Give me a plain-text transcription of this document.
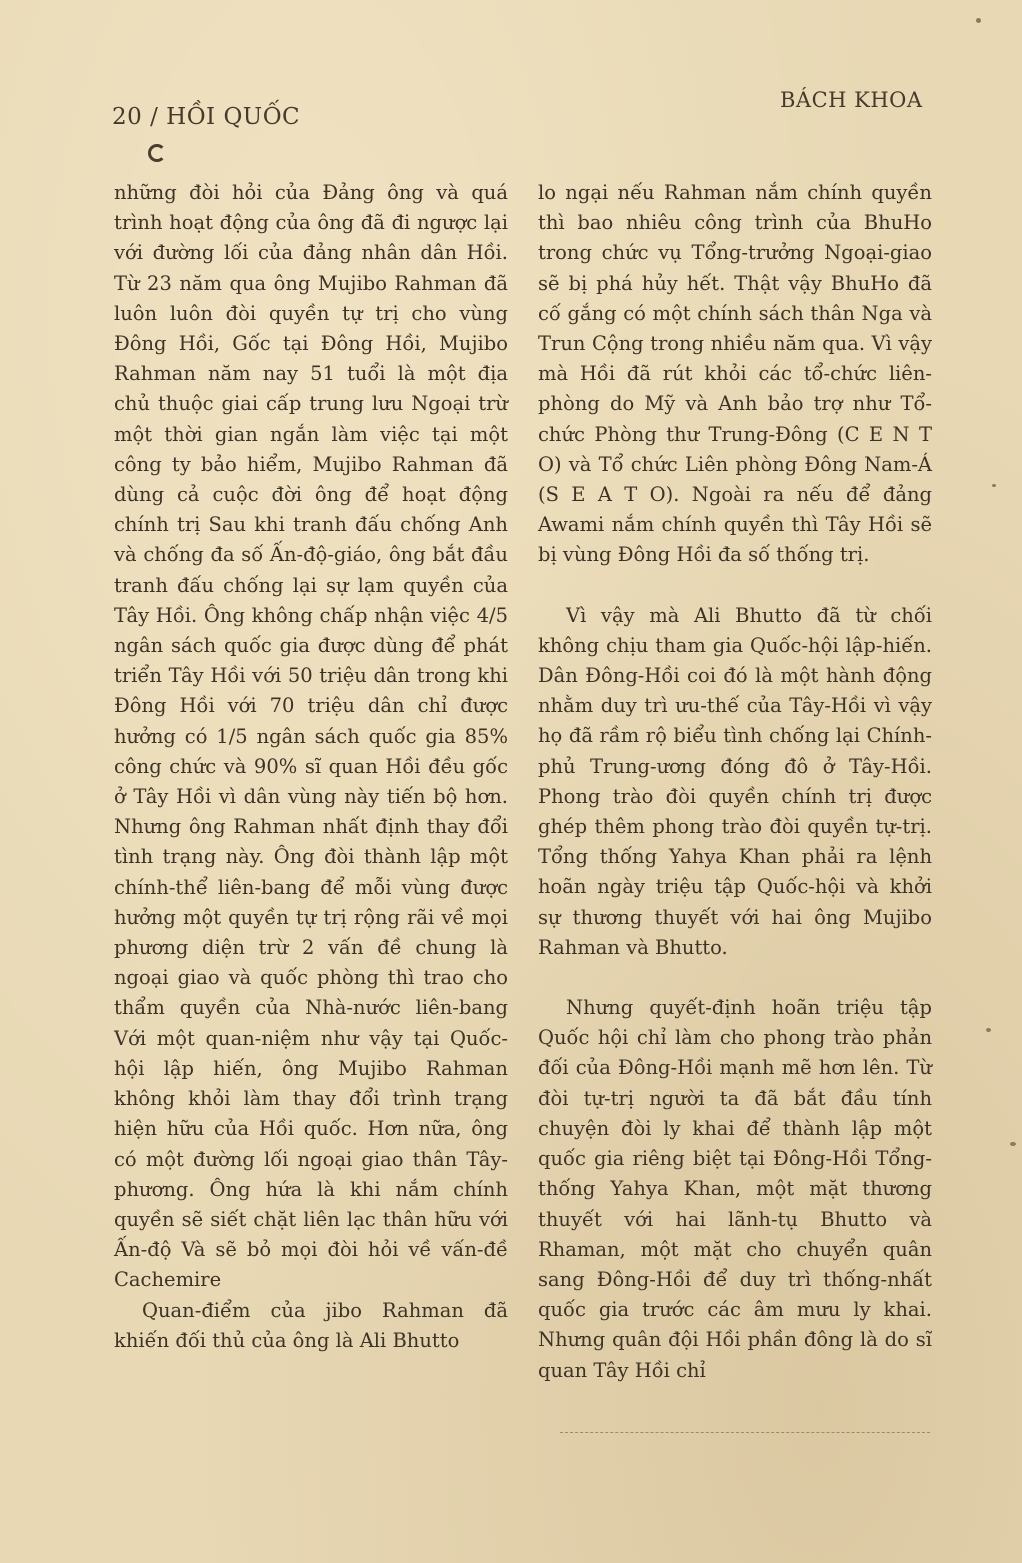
20 / HỒI QUỐC
BÁCH KHOA

những đòi hỏi của Đảng ông và quá trình hoạt động của ông đã đi ngược lại với đường lối của đảng nhân dân Hồi. Từ 23 năm qua ông Mujibo Rahman đã luôn luôn đòi quyền tự trị cho vùng Đông Hồi, Gốc tại Đông Hồi, Mujibo Rahman năm nay 51 tuổi là một địa chủ thuộc giai cấp trung lưu Ngoại trừ một thời gian ngắn làm việc tại một công ty bảo hiểm, Mujibo Rahman đã dùng cả cuộc đời ông để hoạt động chính trị Sau khi tranh đấu chống Anh và chống đa số Ấn-độ-giáo, ông bắt đầu tranh đấu chống lại sự lạm quyền của Tây Hồi. Ông không chấp nhận việc 4/5 ngân sách quốc gia được dùng để phát triển Tây Hồi với 50 triệu dân trong khi Đông Hồi với 70 triệu dân chỉ được hưởng có 1/5 ngân sách quốc gia 85% công chức và 90% sĩ quan Hồi đều gốc ở Tây Hồi vì dân vùng này tiến bộ hơn. Nhưng ông Rahman nhất định thay đổi tình trạng này. Ông đòi thành lập một chính-thể liên-bang để mỗi vùng được hưởng một quyền tự trị rộng rãi về mọi phương diện trừ 2 vấn đề chung là ngoại giao và quốc phòng thì trao cho thẩm quyền của Nhà-nước liên-bang Với một quan-niệm như vậy tại Quốc-hội lập hiến, ông Mujibo Rahman không khỏi làm thay đổi trình trạng hiện hữu của Hồi quốc. Hơn nữa, ông có một đường lối ngoại giao thân Tây-phương. Ông hứa là khi nắm chính quyền sẽ siết chặt liên lạc thân hữu với Ấn-độ Và sẽ bỏ mọi đòi hỏi về vấn-đề Cachemire

Quan-điểm của jibo Rahman đã khiến đối thủ của ông là Ali Bhutto

lo ngại nếu Rahman nắm chính quyền thì bao nhiêu công trình của BhuHo trong chức vụ Tổng-trưởng Ngoại-giao sẽ bị phá hủy hết. Thật vậy BhuHo đã cố gắng có một chính sách thân Nga và Trun Cộng trong nhiều năm qua. Vì vậy mà Hồi đã rút khỏi các tổ-chức liên-phòng do Mỹ và Anh bảo trợ như Tổ-chức Phòng thư Trung-Đông (C E N T O) và Tổ chức Liên phòng Đông Nam-Á (S E A T O). Ngoài ra nếu để đảng Awami nắm chính quyền thì Tây Hồi sẽ bị vùng Đông Hồi đa số thống trị.

Vì vậy mà Ali Bhutto đã từ chối không chịu tham gia Quốc-hội lập-hiến. Dân Đông-Hồi coi đó là một hành động nhằm duy trì ưu-thế của Tây-Hồi vì vậy họ đã rầm rộ biểu tình chống lại Chính-phủ Trung-ương đóng đô ở Tây-Hồi. Phong trào đòi quyền chính trị được ghép thêm phong trào đòi quyền tự-trị. Tổng thống Yahya Khan phải ra lệnh hoãn ngày triệu tập Quốc-hội và khởi sự thương thuyết với hai ông Mujibo Rahman và Bhutto.

Nhưng quyết-định hoãn triệu tập Quốc hội chỉ làm cho phong trào phản đối của Đông-Hồi mạnh mẽ hơn lên. Từ đòi tự-trị người ta đã bắt đầu tính chuyện đòi ly khai để thành lập một quốc gia riêng biệt tại Đông-Hồi Tổng-thống Yahya Khan, một mặt thương thuyết với hai lãnh-tụ Bhutto và Rhaman, một mặt cho chuyển quân sang Đông-Hồi để duy trì thống-nhất quốc gia trước các âm mưu ly khai. Nhưng quân đội Hồi phần đông là do sĩ quan Tây Hồi chỉ
